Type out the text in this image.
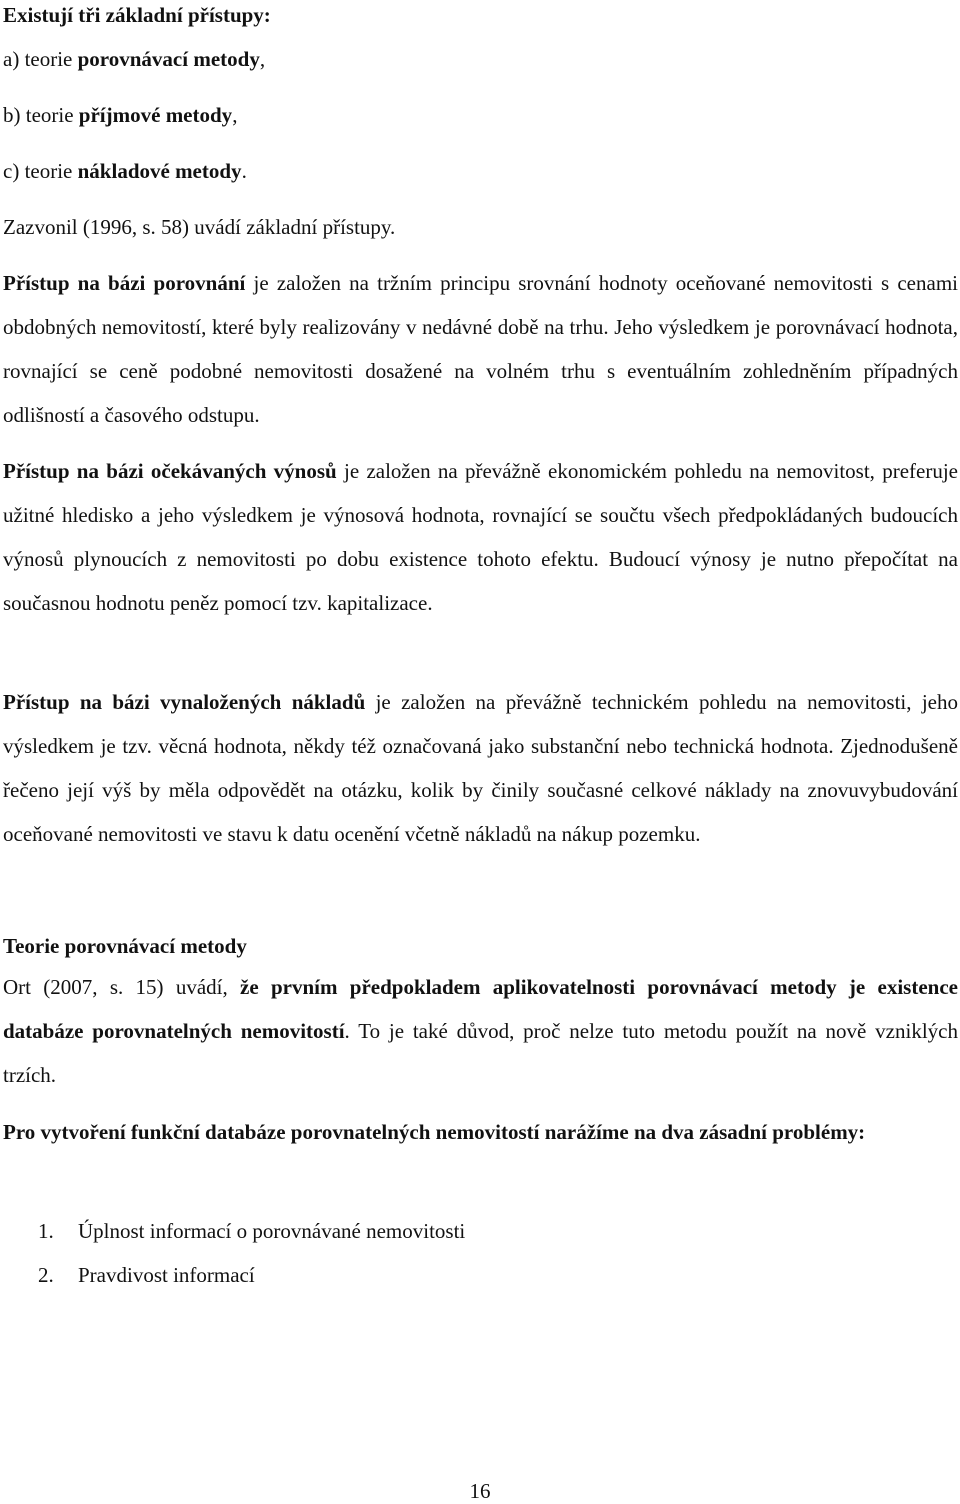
Existují tři základní přístupy:
a) teorie porovnávací metody,
b) teorie příjmové metody,
c) teorie nákladové metody.
Zazvonil (1996, s. 58) uvádí základní přístupy.
Přístup na bázi porovnání je založen na tržním principu srovnání hodnoty oceňované nemovitosti s cenami obdobných nemovitostí, které byly realizovány v nedávné době na trhu. Jeho výsledkem je porovnávací hodnota, rovnající se ceně podobné nemovitosti dosažené na volném trhu s eventuálním zohledněním případných odlišností a časového odstupu.
Přístup na bázi očekávaných výnosů je založen na převážně ekonomickém pohledu na nemovitost, preferuje užitné hledisko a jeho výsledkem je výnosová hodnota, rovnající se součtu všech předpokládaných budoucích výnosů plynoucích z nemovitosti po dobu existence tohoto efektu. Budoucí výnosy je nutno přepočítat na současnou hodnotu peněz pomocí tzv. kapitalizace.
Přístup na bázi vynaložených nákladů je založen na převážně technickém pohledu na nemovitosti, jeho výsledkem je tzv. věcná hodnota, někdy též označovaná jako substanční nebo technická hodnota. Zjednodušeně řečeno její výš by měla odpovědět na otázku, kolik by činily současné celkové náklady na znovuvybudování oceňované nemovitosti ve stavu k datu ocenění včetně nákladů na nákup pozemku.
Teorie porovnávací metody
Ort (2007, s. 15) uvádí, že prvním předpokladem aplikovatelnosti porovnávací metody je existence databáze porovnatelných nemovitostí. To je také důvod, proč nelze tuto metodu použít na nově vzniklých trzích.
Pro vytvoření funkční databáze porovnatelných nemovitostí narážíme na dva zásadní problémy:
1. Úplnost informací o porovnávané nemovitosti
2. Pravdivost informací
16
